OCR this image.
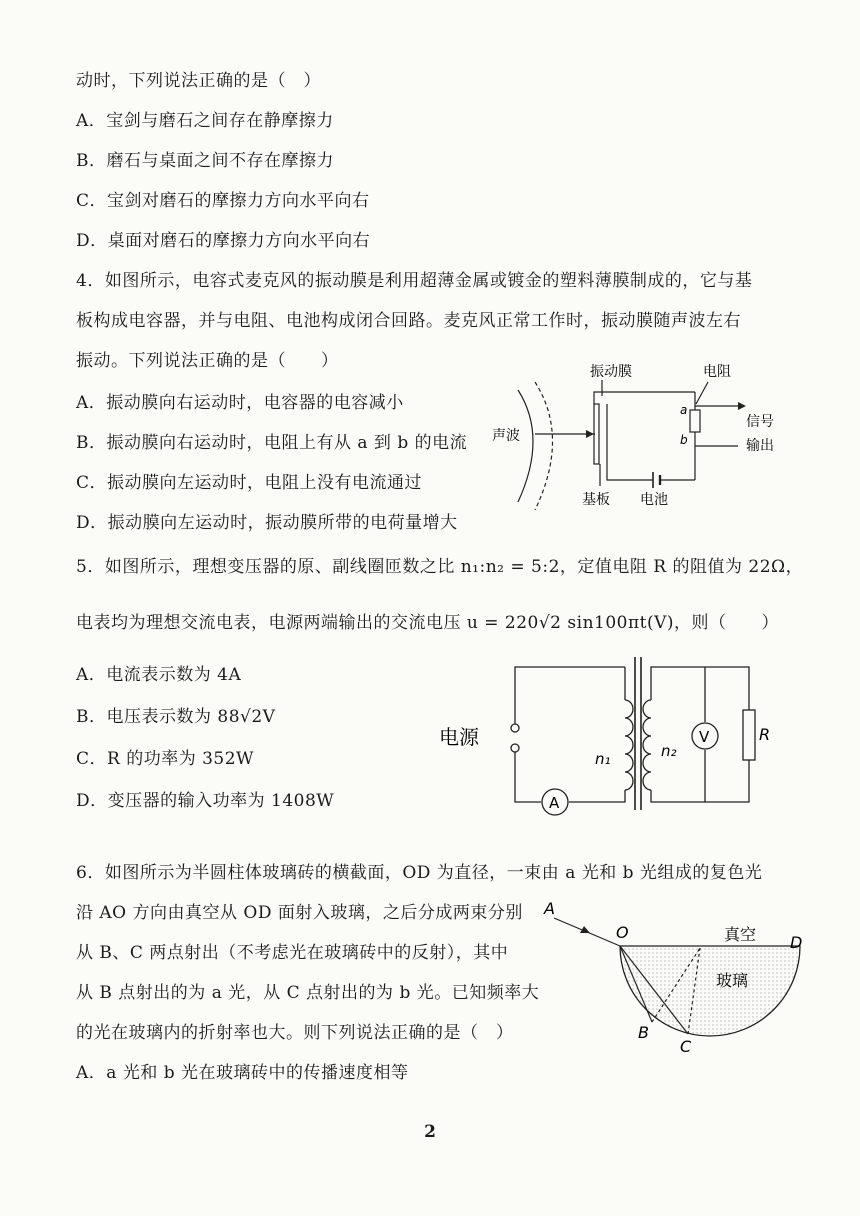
动时，下列说法正确的是（　）
A．宝剑与磨石之间存在静摩擦力
B．磨石与桌面之间不存在摩擦力
C．宝剑对磨石的摩擦力方向水平向右
D．桌面对磨石的摩擦力方向水平向右
4．如图所示，电容式麦克风的振动膜是利用超薄金属或镀金的塑料薄膜制成的，它与基
板构成电容器，并与电阻、电池构成闭合回路。麦克风正常工作时，振动膜随声波左右
振动。下列说法正确的是（　　）
A．振动膜向右运动时，电容器的电容减小
B．振动膜向右运动时，电阻上有从 a 到 b 的电流
C．振动膜向左运动时，电阻上没有电流通过
D．振动膜向左运动时，振动膜所带的电荷量增大
振动膜	电阻
声波
信号
输出
基板 电池
a
b
5．如图所示，理想变压器的原、副线圈匝数之比 n₁:n₂ = 5:2，定值电阻 R 的阻值为 22Ω，
电表均为理想交流电表，电源两端输出的交流电压 u = 220√2 sin100πt(V)，则（　　）
A．电流表示数为 4A
B．电压表示数为 88√2V
C．R 的功率为 352W
D．变压器的输入功率为 1408W
电源
A
V
n₁	n₂
R
6．如图所示为半圆柱体玻璃砖的横截面，OD 为直径，一束由 a 光和 b 光组成的复色光
沿 AO 方向由真空从 OD 面射入玻璃，之后分成两束分别
从 B、C 两点射出（不考虑光在玻璃砖中的反射），其中
从 B 点射出的为 a 光，从 C 点射出的为 b 光。已知频率大
的光在玻璃内的折射率也大。则下列说法正确的是（　）
A．a 光和 b 光在玻璃砖中的传播速度相等
A
O
D
B
C
真空
玻璃
2
